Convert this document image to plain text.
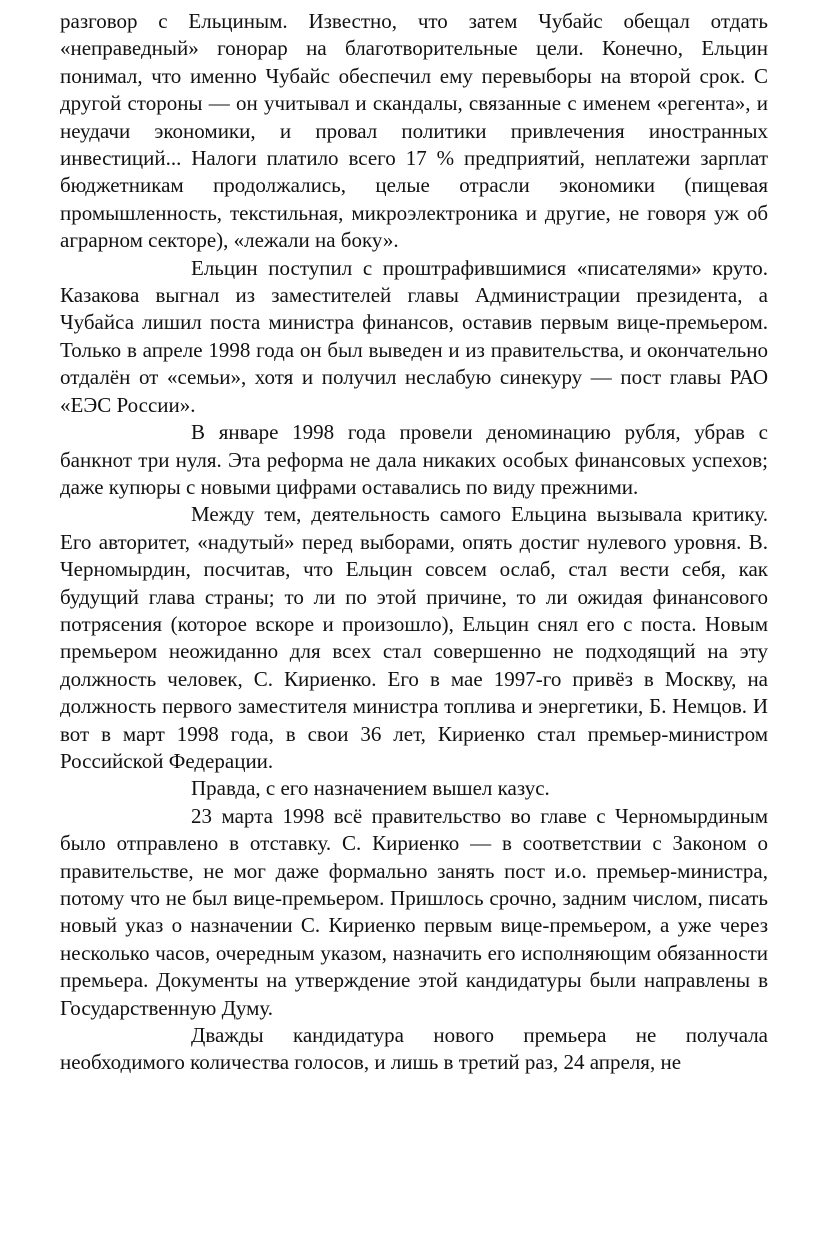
разговор с Ельциным. Известно, что затем Чубайс обещал отдать «неправедный» гонорар на благотворительные цели. Конечно, Ельцин понимал, что именно Чубайс обеспечил ему перевыборы на второй срок. С другой стороны — он учитывал и скандалы, связанные с именем «регента», и неудачи экономики, и провал политики привлечения иностранных инвестиций... Налоги платило всего 17 % предприятий, неплатежи зарплат бюджетникам продолжались, целые отрасли экономики (пищевая промышленность, текстильная, микроэлектроника и другие, не говоря уж об аграрном секторе), «лежали на боку».

Ельцин поступил с проштрафившимися «писателями» круто. Казакова выгнал из заместителей главы Администрации президента, а Чубайса лишил поста министра финансов, оставив первым вице-премьером. Только в апреле 1998 года он был выведен и из правительства, и окончательно отдалён от «семьи», хотя и получил неслабую синекуру — пост главы РАО «ЕЭС России».

В январе 1998 года провели деноминацию рубля, убрав с банкнот три нуля. Эта реформа не дала никаких особых финансовых успехов; даже купюры с новыми цифрами оставались по виду прежними.

Между тем, деятельность самого Ельцина вызывала критику. Его авторитет, «надутый» перед выборами, опять достиг нулевого уровня. В. Черномырдин, посчитав, что Ельцин совсем ослаб, стал вести себя, как будущий глава страны; то ли по этой причине, то ли ожидая финансового потрясения (которое вскоре и произошло), Ельцин снял его с поста. Новым премьером неожиданно для всех стал совершенно не подходящий на эту должность человек, С. Кириенко. Его в мае 1997-го привёз в Москву, на должность первого заместителя министра топлива и энергетики, Б. Немцов. И вот в март 1998 года, в свои 36 лет, Кириенко стал премьер-министром Российской Федерации.

Правда, с его назначением вышел казус.

23 марта 1998 всё правительство во главе с Черномырдиным было отправлено в отставку. С. Кириенко — в соответствии с Законом о правительстве, не мог даже формально занять пост и.о. премьер-министра, потому что не был вице-премьером. Пришлось срочно, задним числом, писать новый указ о назначении С. Кириенко первым вице-премьером, а уже через несколько часов, очередным указом, назначить его исполняющим обязанности премьера. Документы на утверждение этой кандидатуры были направлены в Государственную Думу.

Дважды кандидатура нового премьера не получала необходимого количества голосов, и лишь в третий раз, 24 апреля, не
